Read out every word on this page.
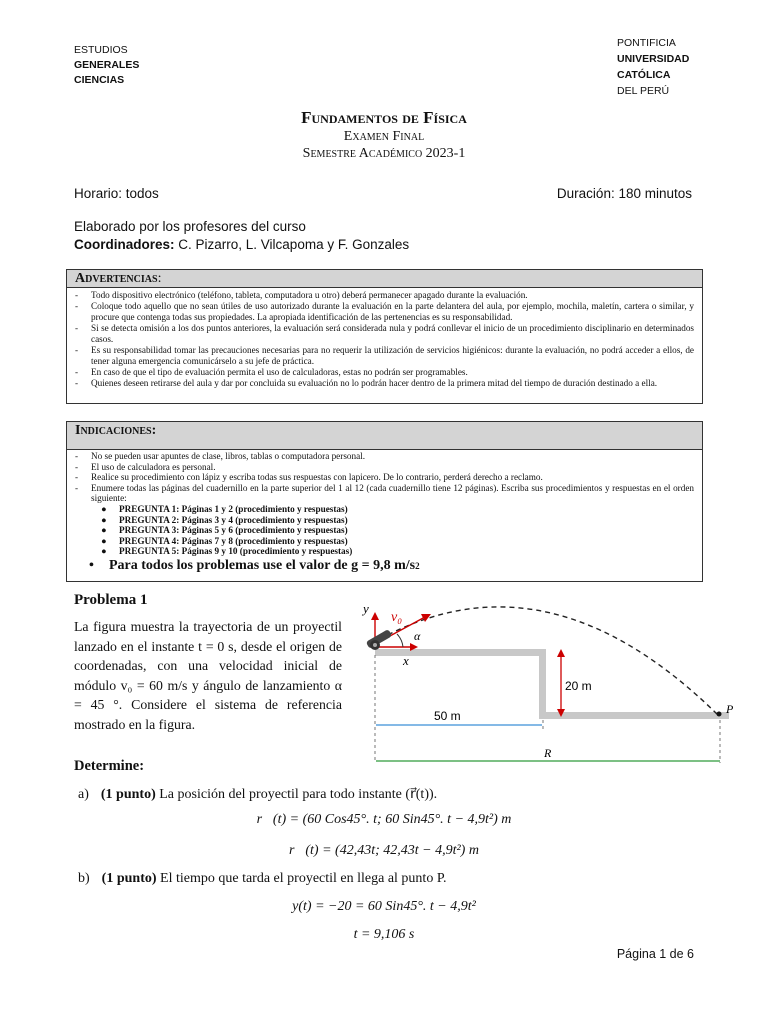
ESTUDIOS
GENERALES
CIENCIAS
PONTIFICIA
UNIVERSIDAD
CATÓLICA
DEL PERÚ
Fundamentos de Física
Examen Final
Semestre Académico 2023-1
Horario: todos	Duración: 180 minutos
Elaborado por los profesores del curso
Coordinadores: C. Pizarro, L. Vilcapoma y F. Gonzales
Advertencias:
-	Todo dispositivo electrónico (teléfono, tableta, computadora u otro) deberá permanecer apagado durante la evaluación.
-	Coloque todo aquello que no sean útiles de uso autorizado durante la evaluación en la parte delantera del aula, por ejemplo, mochila, maletín, cartera o similar, y procure que contenga todas sus propiedades. La apropiada identificación de las pertenencias es su responsabilidad.
-	Si se detecta omisión a los dos puntos anteriores, la evaluación será considerada nula y podrá conllevar el inicio de un procedimiento disciplinario en determinados casos.
-	Es su responsabilidad tomar las precauciones necesarias para no requerir la utilización de servicios higiénicos: durante la evaluación, no podrá acceder a ellos, de tener alguna emergencia comunicárselo a su jefe de práctica.
-	En caso de que el tipo de evaluación permita el uso de calculadoras, estas no podrán ser programables.
-	Quienes deseen retirarse del aula y dar por concluida su evaluación no lo podrán hacer dentro de la primera mitad del tiempo de duración destinado a ella.
Indicaciones:
-	No se pueden usar apuntes de clase, libros, tablas o computadora personal.
-	El uso de calculadora es personal.
-	Realice su procedimiento con lápiz y escriba todas sus respuestas con lapicero. De lo contrario, perderá derecho a reclamo.
-	Enumere todas las páginas del cuadernillo en la parte superior del 1 al 12 (cada cuadernillo tiene 12 páginas). Escriba sus procedimientos y respuestas en el orden siguiente:
●	PREGUNTA 1: Páginas 1 y 2 (procedimiento y respuestas)
●	PREGUNTA 2: Páginas 3 y 4 (procedimiento y respuestas)
●	PREGUNTA 3: Páginas 5 y 6 (procedimiento y respuestas)
●	PREGUNTA 4: Páginas 7 y 8 (procedimiento y respuestas)
●	PREGUNTA 5: Páginas 9 y 10 (procedimiento y respuestas)
•	Para todos los problemas use el valor de g = 9,8 m/s 2
Problema 1
La figura muestra la trayectoria de un proyectil lanzado en el instante t = 0 s, desde el origen de coordenadas, con una velocidad inicial de módulo v₀ = 60 m/s y ángulo de lanzamiento α = 45 °. Considere el sistema de referencia mostrado en la figura.
Determine:
y
x
v₀
α
20 m
50 m
R
P
a) (1 punto) La posición del proyectil para todo instante (r⃗(t)).
r⃗(t) = (60 Cos45°. t; 60 Sin45°. t − 4,9t²) m
r⃗(t) = (42,43t; 42,43t − 4,9t²) m
b) (1 punto) El tiempo que tarda el proyectil en llega al punto P.
y(t) = −20 = 60 Sin45°. t − 4,9t²
t = 9,106 s
Página 1 de 6
